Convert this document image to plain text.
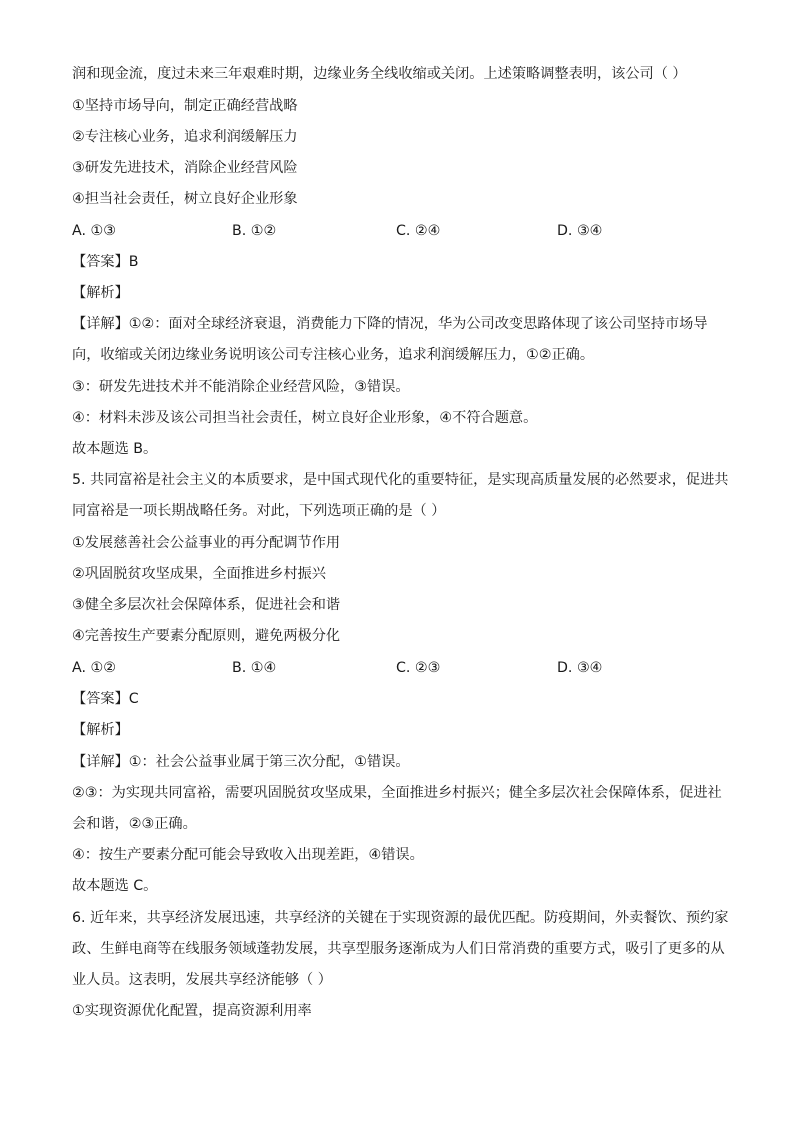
润和现金流，度过未来三年艰难时期，边缘业务全线收缩或关闭。上述策略调整表明，该公司（ ）
①坚持市场导向，制定正确经营战略
②专注核心业务，追求利润缓解压力
③研发先进技术，消除企业经营风险
④担当社会责任，树立良好企业形象
A. ①③	B. ①②	C. ②④	D. ③④
【答案】B
【解析】
【详解】①②：面对全球经济衰退，消费能力下降的情况，华为公司改变思路体现了该公司坚持市场导
向，收缩或关闭边缘业务说明该公司专注核心业务，追求利润缓解压力，①②正确。
③：研发先进技术并不能消除企业经营风险，③错误。
④：材料未涉及该公司担当社会责任，树立良好企业形象，④不符合题意。
故本题选 B。
5. 共同富裕是社会主义的本质要求，是中国式现代化的重要特征，是实现高质量发展的必然要求，促进共
同富裕是一项长期战略任务。对此，下列选项正确的是（ ）
①发展慈善社会公益事业的再分配调节作用
②巩固脱贫攻坚成果，全面推进乡村振兴
③健全多层次社会保障体系，促进社会和谐
④完善按生产要素分配原则，避免两极分化
A. ①②	B. ①④	C. ②③	D. ③④
【答案】C
【解析】
【详解】①：社会公益事业属于第三次分配，①错误。
②③：为实现共同富裕，需要巩固脱贫攻坚成果，全面推进乡村振兴；健全多层次社会保障体系，促进社
会和谐，②③正确。
④：按生产要素分配可能会导致收入出现差距，④错误。
故本题选 C。
6. 近年来，共享经济发展迅速，共享经济的关键在于实现资源的最优匹配。防疫期间，外卖餐饮、预约家
政、生鲜电商等在线服务领域蓬勃发展，共享型服务逐渐成为人们日常消费的重要方式，吸引了更多的从
业人员。这表明，发展共享经济能够（ ）
①实现资源优化配置，提高资源利用率
